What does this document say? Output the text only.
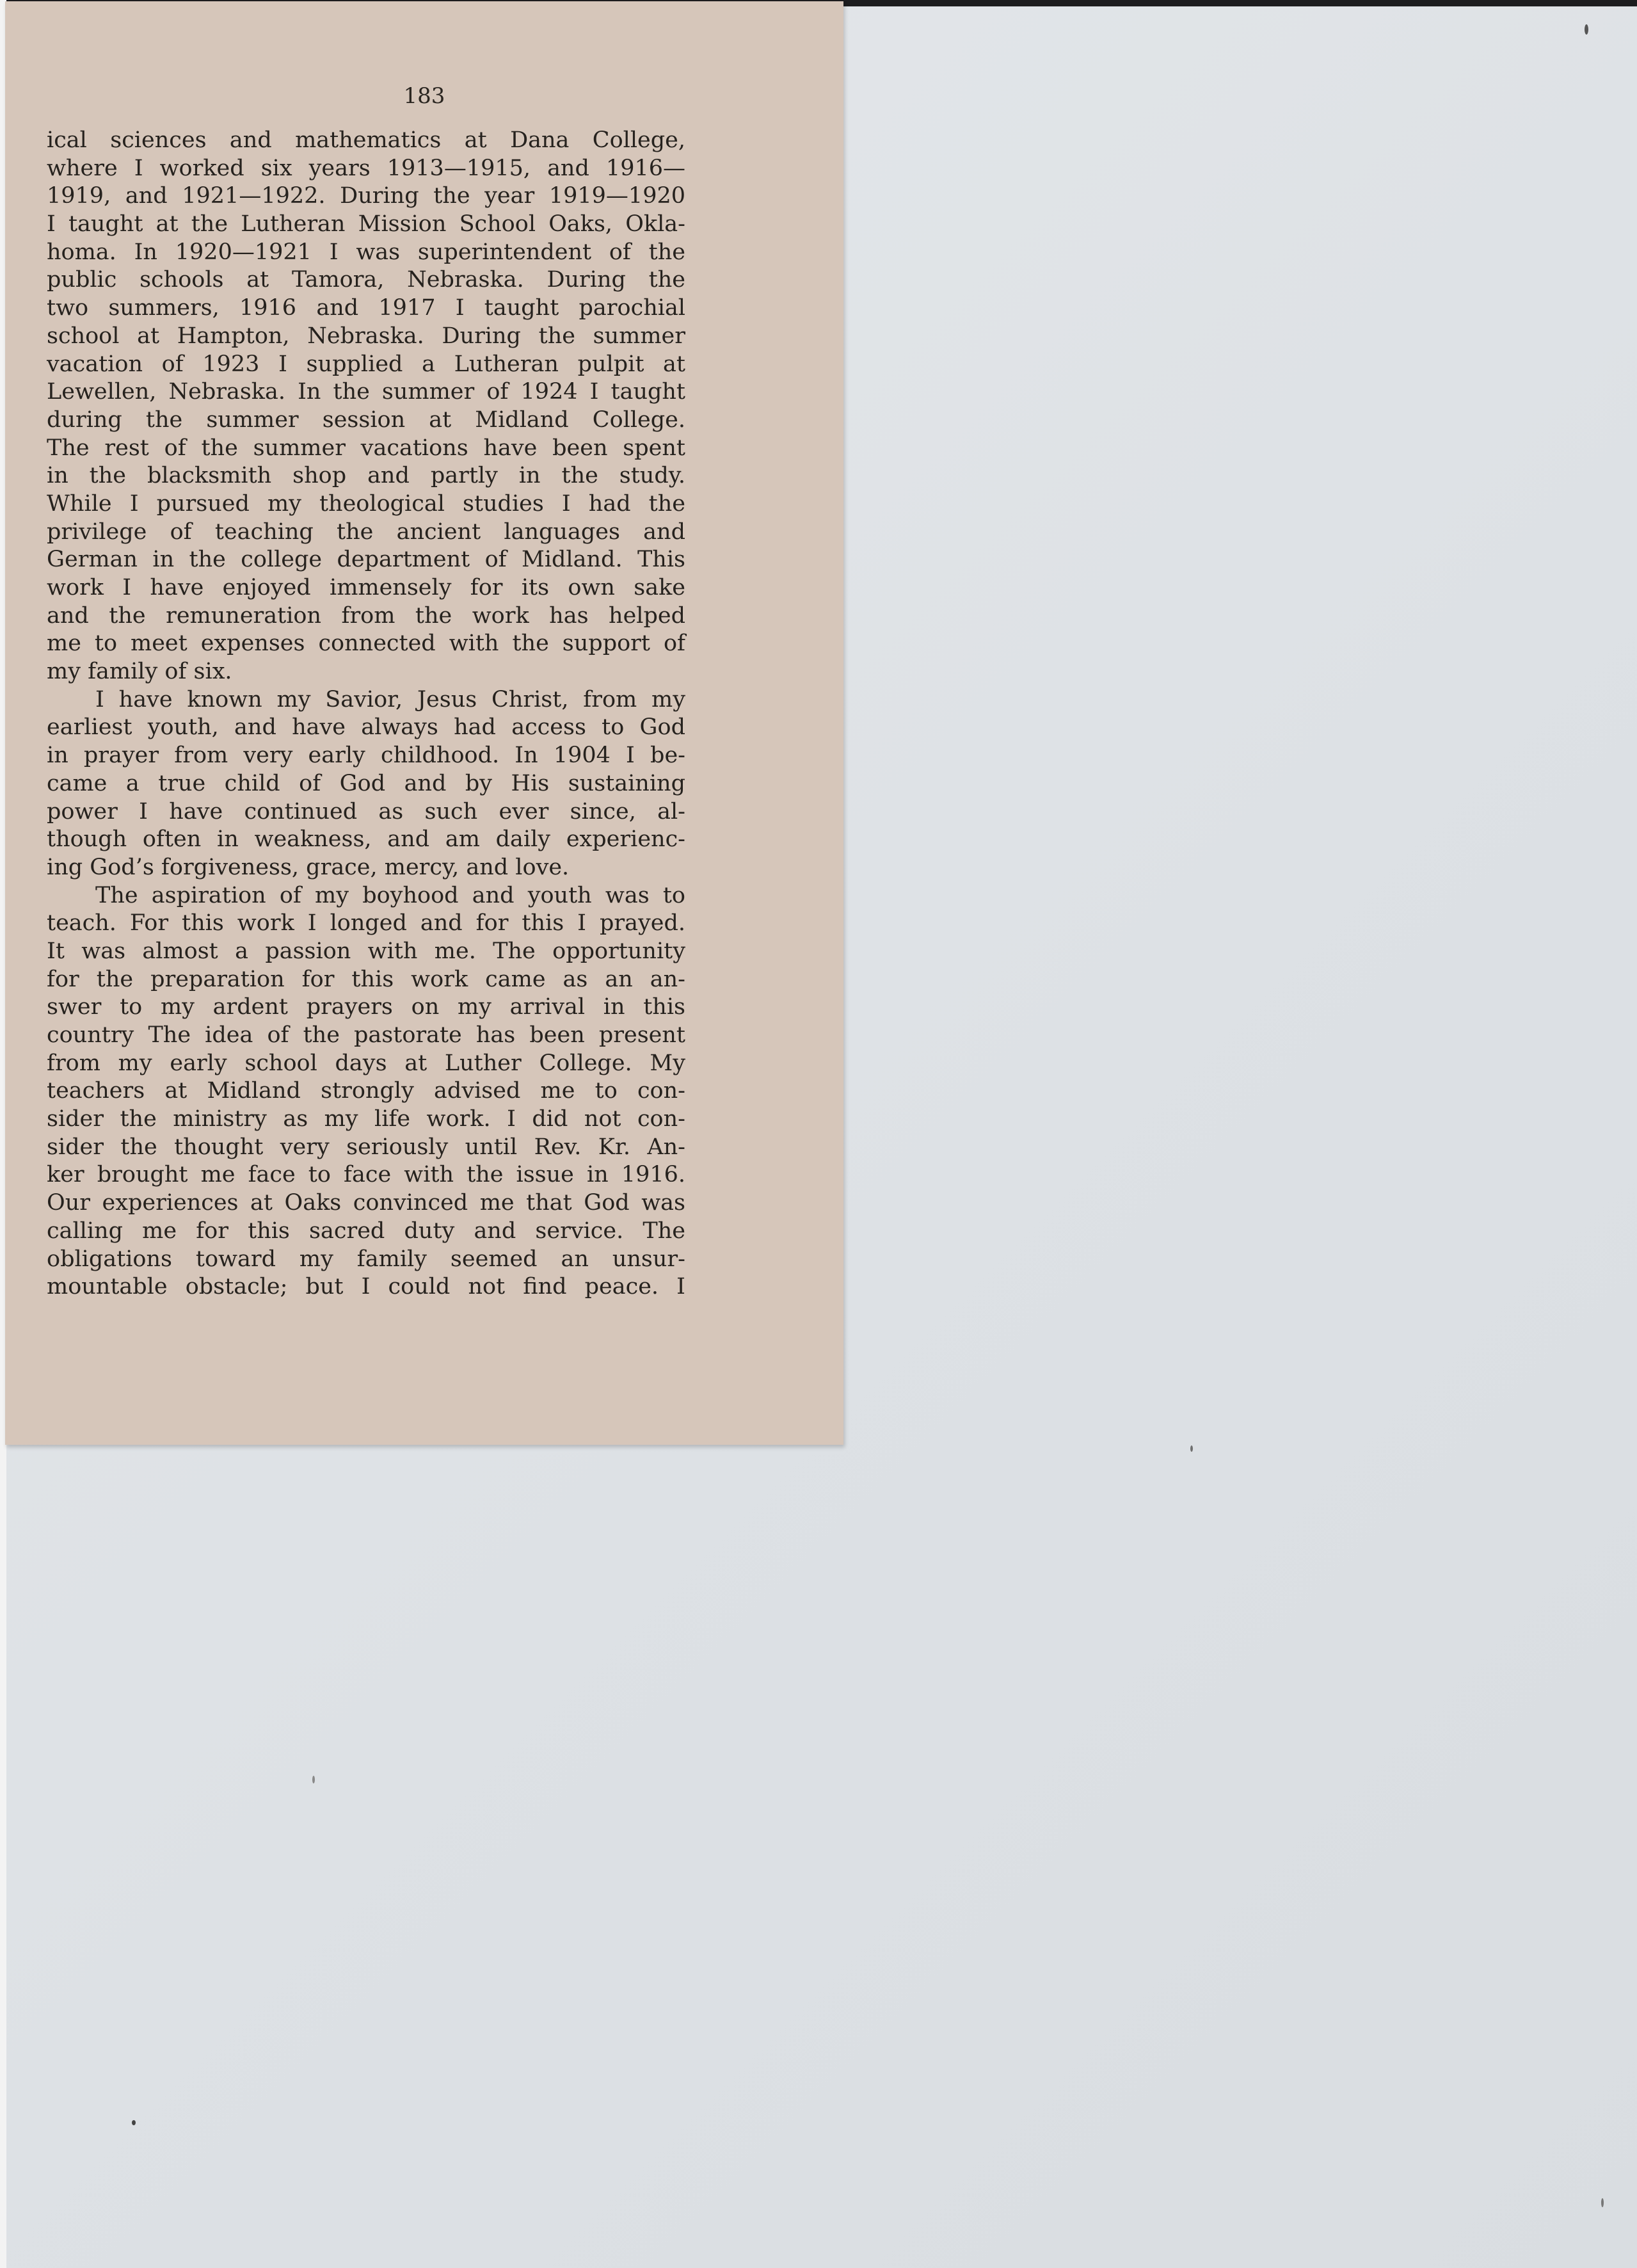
183

ical sciences and mathematics at Dana College,
where I worked six years 1913—1915, and 1916—
1919, and 1921—1922. During the year 1919—1920
I taught at the Lutheran Mission School Oaks, Okla-
homa. In 1920—1921 I was superintendent of the
public schools at Tamora, Nebraska. During the
two summers, 1916 and 1917 I taught parochial
school at Hampton, Nebraska. During the summer
vacation of 1923 I supplied a Lutheran pulpit at
Lewellen, Nebraska. In the summer of 1924 I taught
during the summer session at Midland College.
The rest of the summer vacations have been spent
in the blacksmith shop and partly in the study.
While I pursued my theological studies I had the
privilege of teaching the ancient languages and
German in the college department of Midland. This
work I have enjoyed immensely for its own sake
and the remuneration from the work has helped
me to meet expenses connected with the support of
my family of six.
I have known my Savior, Jesus Christ, from my
earliest youth, and have always had access to God
in prayer from very early childhood. In 1904 I be-
came a true child of God and by His sustaining
power I have continued as such ever since, al-
though often in weakness, and am daily experienc-
ing God’s forgiveness, grace, mercy, and love.
The aspiration of my boyhood and youth was to
teach. For this work I longed and for this I prayed.
It was almost a passion with me. The opportunity
for the preparation for this work came as an an-
swer to my ardent prayers on my arrival in this
country The idea of the pastorate has been present
from my early school days at Luther College. My
teachers at Midland strongly advised me to con-
sider the ministry as my life work. I did not con-
sider the thought very seriously until Rev. Kr. An-
ker brought me face to face with the issue in 1916.
Our experiences at Oaks convinced me that God was
calling me for this sacred duty and service. The
obligations toward my family seemed an unsur-
mountable obstacle; but I could not find peace. I
